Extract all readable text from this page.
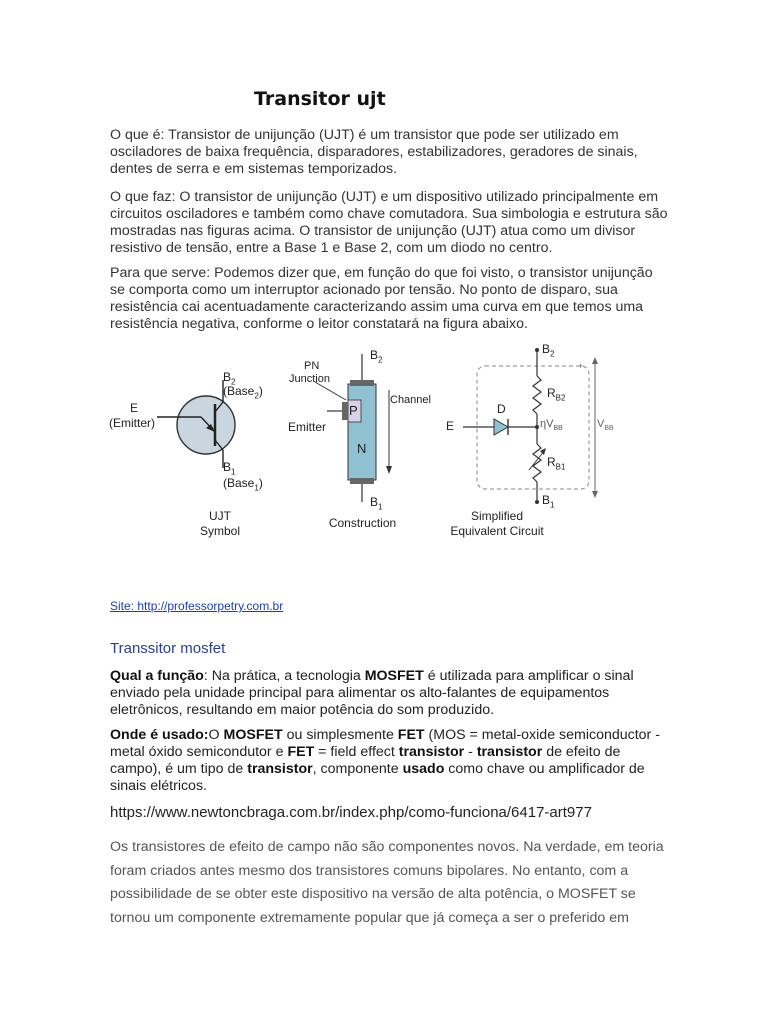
Transitor ujt
O que é: Transistor de unijunção (UJT) é um transistor que pode ser utilizado em osciladores de baixa frequência, disparadores, estabilizadores, geradores de sinais, dentes de serra e em sistemas temporizados.
O que faz: O transistor de unijunção (UJT) e um dispositivo utilizado principalmente em circuitos osciladores e também como chave comutadora. Sua simbologia e estrutura são mostradas nas figuras acima. O transistor de unijunção (UJT) atua como um divisor resistivo de tensão, entre a Base 1 e Base 2, com um diodo no centro.
Para que serve: Podemos dizer que, em função do que foi visto, o transistor unijunção se comporta como um interruptor acionado por tensão. No ponto de disparo, sua resistência cai acentuadamente caracterizando assim uma curva em que temos uma resistência negativa, conforme o leitor constatará na figura abaixo.
$B_2$
(Base$_2$)
$B_1$
(Base$_1$)
E
(Emitter)
UJT
Symbol
$B_2$
$B_1$
PN
Junction
Emitter
Channel
P
N
Construction
$B_2$
$B_1$
E
D
$R_{B2}$
$R_{B1}$
$\eta V_{BB}$	$V_{BB}$
+
Simplified
Equivalent Circuit
Site: http://professorpetry.com.br
Transsitor mosfet
Qual a função: Na prática, a tecnologia MOSFET é utilizada para amplificar o sinal enviado pela unidade principal para alimentar os alto-falantes de equipamentos eletrônicos, resultando em maior potência do som produzido.
Onde é usado:O MOSFET ou simplesmente FET (MOS = metal-oxide semiconductor - metal óxido semicondutor e FET = field effect transistor - transistor de efeito de campo), é um tipo de transistor, componente usado como chave ou amplificador de sinais elétricos.
https://www.newtoncbraga.com.br/index.php/como-funciona/6417-art977
Os transistores de efeito de campo não são componentes novos. Na verdade, em teoria foram criados antes mesmo dos transistores comuns bipolares. No entanto, com a possibilidade de se obter este dispositivo na versão de alta potência, o MOSFET se tornou um componente extremamente popular que já começa a ser o preferido em
